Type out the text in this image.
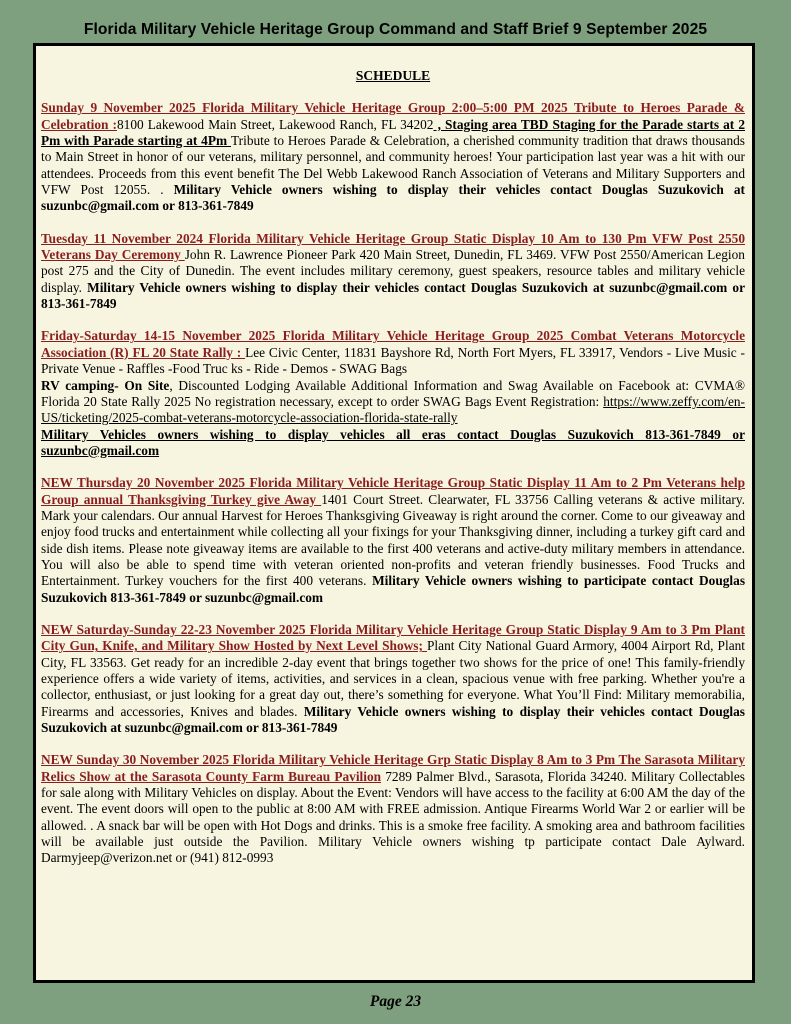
Florida Military Vehicle Heritage Group Command and Staff Brief 9 September 2025
SCHEDULE

Sunday 9 November 2025 Florida Military Vehicle Heritage Group 2:00–5:00 PM 2025 Tribute to Heroes Parade & Celebration :8100 Lakewood Main Street, Lakewood Ranch, FL 34202 , Staging area TBD Staging for the Parade starts at 2 Pm with Parade starting at 4Pm Tribute to Heroes Parade & Celebration, a cherished community tradition that draws thousands to Main Street in honor of our veterans, military personnel, and community heroes! Your participation last year was a hit with our attendees. Proceeds from this event benefit The Del Webb Lakewood Ranch Association of Veterans and Military Supporters and VFW Post 12055. . Military Vehicle owners wishing to display their vehicles contact Douglas Suzukovich at suzunbc@gmail.com or 813-361-7849

Tuesday 11 November 2024 Florida Military Vehicle Heritage Group Static Display 10 Am to 130 Pm VFW Post 2550 Veterans Day Ceremony John R. Lawrence Pioneer Park 420 Main Street, Dunedin, FL 3469. VFW Post 2550/American Legion post 275 and the City of Dunedin. The event includes military ceremony, guest speakers, resource tables and military vehicle display. Military Vehicle owners wishing to display their vehicles contact Douglas Suzukovich at suzunbc@gmail.com or 813-361-7849

Friday-Saturday 14-15 November 2025 Florida Military Vehicle Heritage Group 2025 Combat Veterans Motorcycle Association (R) FL 20 State Rally : Lee Civic Center, 11831 Bayshore Rd, North Fort Myers, FL 33917, Vendors - Live Music - Private Venue - Raffles -Food Truc ks - Ride - Demos - SWAG Bags
RV camping- On Site, Discounted Lodging Available Additional Information and Swag Available on Facebook at: CVMA® Florida 20 State Rally 2025 No registration necessary, except to order SWAG Bags Event Registration: https://www.zeffy.com/en-US/ticketing/2025-combat-veterans-motorcycle-association-florida-state-rally
Military Vehicles owners wishing to display vehicles all eras contact Douglas Suzukovich 813-361-7849 or suzunbc@gmail.com

NEW Thursday 20 November 2025 Florida Military Vehicle Heritage Group Static Display 11 Am to 2 Pm Veterans help Group annual Thanksgiving Turkey give Away 1401 Court Street. Clearwater, FL 33756 Calling veterans & active military. Mark your calendars. Our annual Harvest for Heroes Thanksgiving Giveaway is right around the corner. Come to our giveaway and enjoy food trucks and entertainment while collecting all your fixings for your Thanksgiving dinner, including a turkey gift card and side dish items. Please note giveaway items are available to the first 400 veterans and active-duty military members in attendance. You will also be able to spend time with veteran oriented non-profits and veteran friendly businesses. Food Trucks and Entertainment. Turkey vouchers for the first 400 veterans. Military Vehicle owners wishing to participate contact Douglas Suzukovich 813-361-7849 or suzunbc@gmail.com

NEW Saturday-Sunday 22-23 November 2025 Florida Military Vehicle Heritage Group Static Display 9 Am to 3 Pm Plant City Gun, Knife, and Military Show Hosted by Next Level Shows; Plant City National Guard Armory, 4004 Airport Rd, Plant City, FL 33563. Get ready for an incredible 2-day event that brings together two shows for the price of one! This family-friendly experience offers a wide variety of items, activities, and services in a clean, spacious venue with free parking. Whether you're a collector, enthusiast, or just looking for a great day out, there’s something for everyone. What You’ll Find: Military memorabilia, Firearms and accessories, Knives and blades. Military Vehicle owners wishing to display their vehicles contact Douglas Suzukovich at suzunbc@gmail.com or 813-361-7849

NEW Sunday 30 November 2025 Florida Military Vehicle Heritage Grp Static Display 8 Am to 3 Pm The Sarasota Military Relics Show at the Sarasota County Farm Bureau Pavilion 7289 Palmer Blvd., Sarasota, Florida 34240. Military Collectables for sale along with Military Vehicles on display. About the Event: Vendors will have access to the facility at 6:00 AM the day of the event. The event doors will open to the public at 8:00 AM with FREE admission. Antique Firearms World War 2 or earlier will be allowed. . A snack bar will be open with Hot Dogs and drinks. This is a smoke free facility. A smoking area and bathroom facilities will be available just outside the Pavilion. Military Vehicle owners wishing tp participate contact Dale Aylward. Darmyjeep@verizon.net or (941) 812-0993

Page 23
